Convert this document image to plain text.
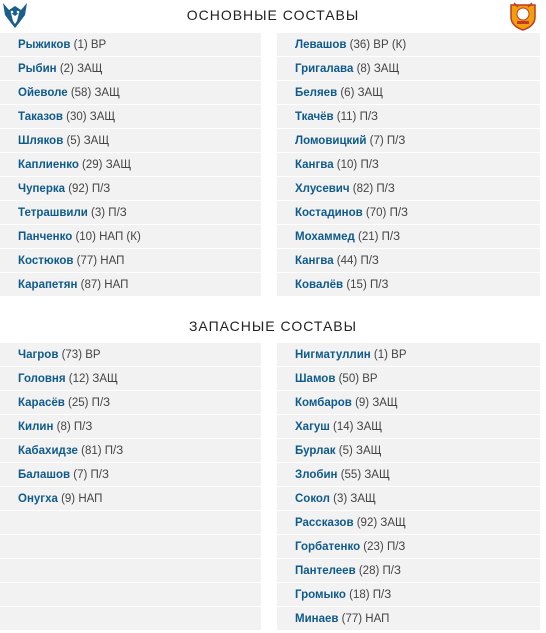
ОСНОВНЫЕ СОСТАВЫ
Рыжиков (1) ВР
Рыбин (2) ЗАЩ
Ойеволе (58) ЗАЩ
Таказов (30) ЗАЩ
Шляков (5) ЗАЩ
Каплиенко (29) ЗАЩ
Чуперка (92) П/З
Тетрашвили (3) П/З
Панченко (10) НАП (К)
Костюков (77) НАП
Карапетян (87) НАП
Левашов (36) ВР (К)
Григалава (8) ЗАЩ
Беляев (6) ЗАЩ
Ткачёв (11) П/З
Ломовицкий (7) П/З
Кангва (10) П/З
Хлусевич (82) П/З
Костадинов (70) П/З
Мохаммед (21) П/З
Кангва (44) П/З
Ковалёв (15) П/З
ЗАПАСНЫЕ СОСТАВЫ
Чагров (73) ВР
Головня (12) ЗАЩ
Карасёв (25) П/З
Килин (8) П/З
Кабахидзе (81) П/З
Балашов (7) П/З
Онугха (9) НАП
Нигматуллин (1) ВР
Шамов (50) ВР
Комбаров (9) ЗАЩ
Хагуш (14) ЗАЩ
Бурлак (5) ЗАЩ
Злобин (55) ЗАЩ
Сокол (3) ЗАЩ
Рассказов (92) ЗАЩ
Горбатенко (23) П/З
Пантелеев (28) П/З
Громыко (18) П/З
Минаев (77) НАП
